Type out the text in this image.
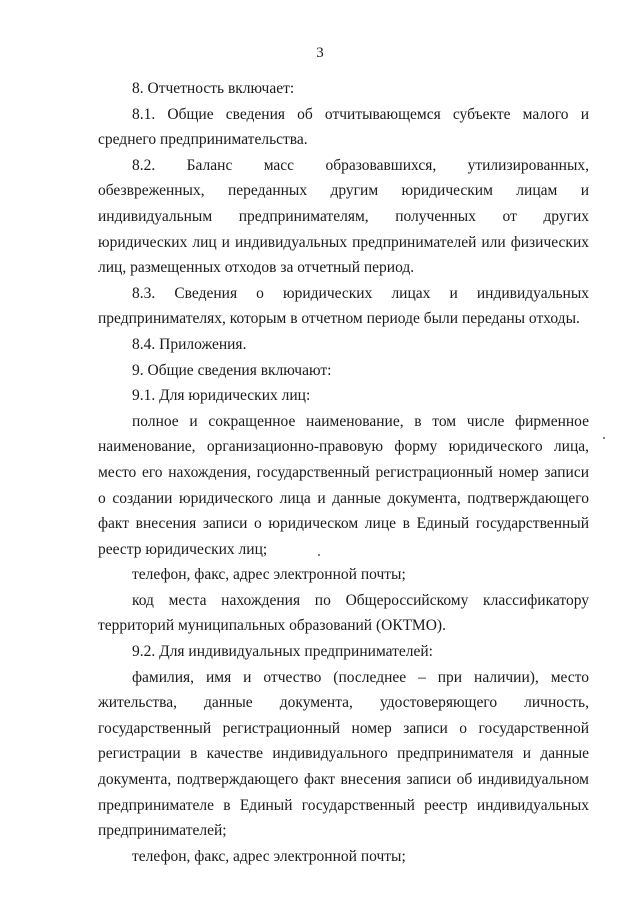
3

8. Отчетность включает:

8.1. Общие сведения об отчитывающемся субъекте малого и среднего предпринимательства.

8.2. Баланс масс образовавшихся, утилизированных, обезвреженных, переданных другим юридическим лицам и индивидуальным предпринимателям, полученных от других юридических лиц и индивидуальных предпринимателей или физических лиц, размещенных отходов за отчетный период.

8.3. Сведения о юридических лицах и индивидуальных предпринимателях, которым в отчетном периоде были переданы отходы.

8.4. Приложения.

9. Общие сведения включают:

9.1. Для юридических лиц:

полное и сокращенное наименование, в том числе фирменное наименование, организационно-правовую форму юридического лица, место его нахождения, государственный регистрационный номер записи о создании юридического лица и данные документа, подтверждающего факт внесения записи о юридическом лице в Единый государственный реестр юридических лиц;

телефон, факс, адрес электронной почты;

код места нахождения по Общероссийскому классификатору территорий муниципальных образований (ОКТМО).

9.2. Для индивидуальных предпринимателей:

фамилия, имя и отчество (последнее – при наличии), место жительства, данные документа, удостоверяющего личность, государственный регистрационный номер записи о государственной регистрации в качестве индивидуального предпринимателя и данные документа, подтверждающего факт внесения записи об индивидуальном предпринимателе в Единый государственный реестр индивидуальных предпринимателей;

телефон, факс, адрес электронной почты;
